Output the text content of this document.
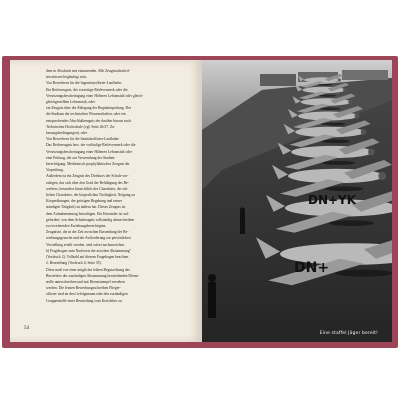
dem in Abschnitt mit einzusenden. Alle Zeugnisabschrif-

ten müssen beglaubigt sein.

Von Bewerbern für die Ingenieuroffizier-Laufbahn:

Ein Reifezeugnis, der vorzeitige Reifevermerk oder die

Versetzungsbescheinigung einer Höheren Lehranstalt oder gleich-

gleichgestellten Lehranstalt, oder

ein Zeugnis über die Ablegung der Begabtenprüfung. Der

die Studium der technischen Wissenschaften, oder ein

entsprechendes Abschlußzeugnis der darüber hinaus noch

Technischen Hochschule (vgl. Seite 26/27, Zu-

lassungsbedingungen), oder

Von Bewerbern für die Sanitätsoffizier-Laufbahn:

Das Reifezeugnis bzw. der vorläufige Reifevermerk oder die

Versetzungsbescheinigung einer Höheren Lehranstalt oder

eine Prüfung, die zur Verwendung der Studien-

berechtigung. Medizinisch prophylaktisches Zeugnis der

Vorprüfung.

Außerdem ist ein Zeugnis des Direktors der Schule vor-

zulegen, das sich über den Grad der Befähigung des Be-

werbers, besonders hinsichtlich des Charakters, der sitt-

lichen Charakters, der körperlichen Tüchtigkeit, Neigung zu

Körperübungen, der geistigen Begabung und seiner

ständigen Tätigkeit) zu äußern hat. Dieses Zeugnis ist

dem Aufnahmeantrag beizufügen. Ein Einsender ist auf-

gefordert, von dem Schulzeugnis vollständig abzuschreiben

zu erweiternden Erziehungsberechtigten.

Zeugnisse, die in der Zeit zwischen Einsendung der Be-

werbungsgesuche und der Aufforderung zur persönlichen

Vorstellung erteilt werden, sind sofort nachzureichen.

b) Fragebogen zum Nachweis der arischen Abstammung"

(Vordruck 2). Vollzähl auf diesem Fragebogen beachten.

2. Beurteilung (Vordruck 6, Seite 35).

Diese muß von einer möglichst frühen Begutachtung des

Bewerbers der zuständigen Abstammung beurteilenden Dienst-

stelle unterschrieben und mit Dienststempel versehen

werden. Die letzten Bewerbungsschreiben Flieger-

offizier sind an den Gefolgsmann oder den zuständigen

Gruppenstelle einer Beurteilung vom Kreisleiter zu

54
DN+YK
DN+
Eine staffel Jäger bereit!
